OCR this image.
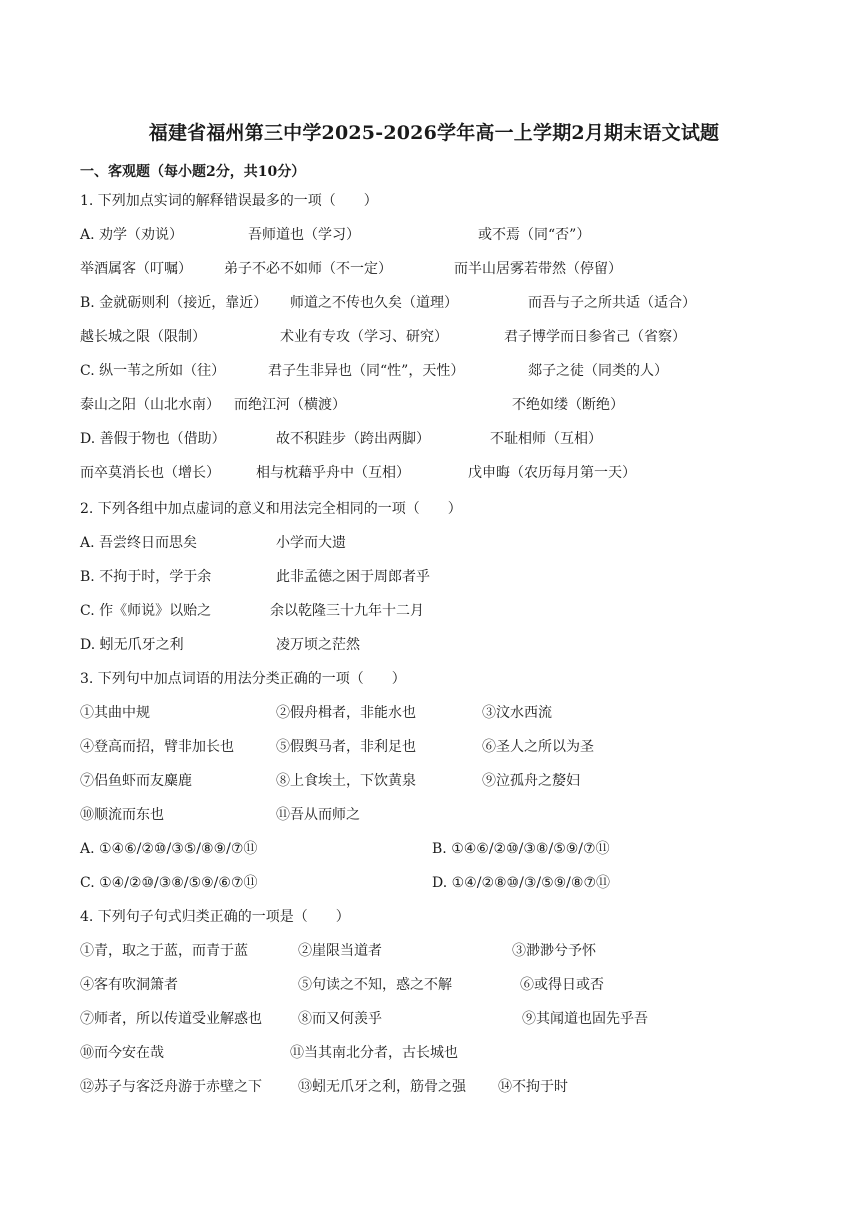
福建省福州第三中学2025-2026学年高一上学期2月期末语文试题
一、客观题（每小题2分，共10分）
1. 下列加点实词的解释错误最多的一项（　　）
A. 劝学（劝说）	吾师道也（学习）	或不焉（同“否”）
举酒属客（叮嘱） 弟子不必不如师（不一定）	而半山居雾若带然（停留）
B. 金就砺则利（接近，靠近） 师道之不传也久矣（道理）	而吾与子之所共适（适合）
越长城之限（限制）	术业有专攻（学习、研究）	君子博学而日参省己（省察）
C. 纵一苇之所如（往）	君子生非异也（同“性”，天性）	郯子之徒（同类的人）
泰山之阳（山北水南） 而绝江河（横渡）	不绝如缕（断绝）
D. 善假于物也（借助）	故不积跬步（跨出两脚）	不耻相师（互相）
而卒莫消长也（增长）	相与枕藉乎舟中（互相）	戊申晦（农历每月第一天）
2. 下列各组中加点虚词的意义和用法完全相同的一项（　　）
A. 吾尝终日而思矣	小学而大遗
B. 不拘于时，学于余	此非孟德之困于周郎者乎
C. 作《师说》以贻之	余以乾隆三十九年十二月
D. 蚓无爪牙之利	凌万顷之茫然
3. 下列句中加点词语的用法分类正确的一项（　　）
①其曲中规	②假舟楫者，非能水也	③汶水西流
④登高而招，臂非加长也	⑤假舆马者，非利足也	⑥圣人之所以为圣
⑦侣鱼虾而友麋鹿	⑧上食埃土，下饮黄泉	⑨泣孤舟之嫠妇
⑩顺流而东也	⑪吾从而师之
A. ①④⑥/②⑩/③⑤/⑧⑨/⑦⑪	B. ①④⑥/②⑩/③⑧/⑤⑨/⑦⑪
C. ①④/②⑩/③⑧/⑤⑨/⑥⑦⑪	D. ①④/②⑧⑩/③/⑤⑨/⑧⑦⑪
4. 下列句子句式归类正确的一项是（　　）
①青，取之于蓝，而青于蓝	②崖限当道者	③渺渺兮予怀
④客有吹洞箫者	⑤句读之不知，惑之不解	⑥或得日或否
⑦师者，所以传道受业解惑也	⑧而又何羡乎	⑨其闻道也固先乎吾
⑩而今安在哉	⑪当其南北分者，古长城也
⑫苏子与客泛舟游于赤壁之下	⑬蚓无爪牙之利，筋骨之强 ⑭不拘于时
